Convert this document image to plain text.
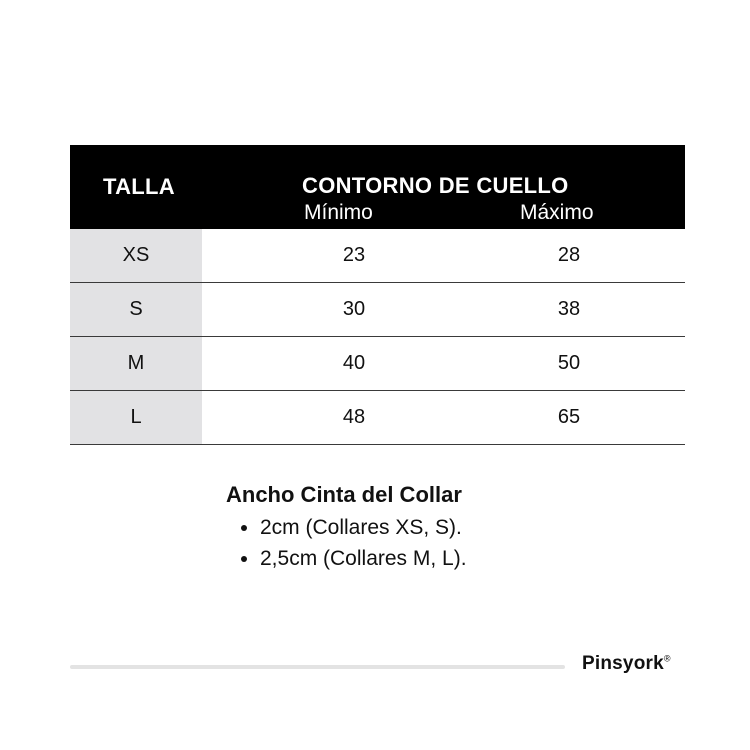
TALLA	CONTORNO DE CUELLO
Mínimo	Máximo
XS	23	28
S	30	38
M	40	50
L	48	65
Ancho Cinta del Collar
• 2cm (Collares XS, S).
• 2,5cm (Collares M, L).
Pinsyork®
